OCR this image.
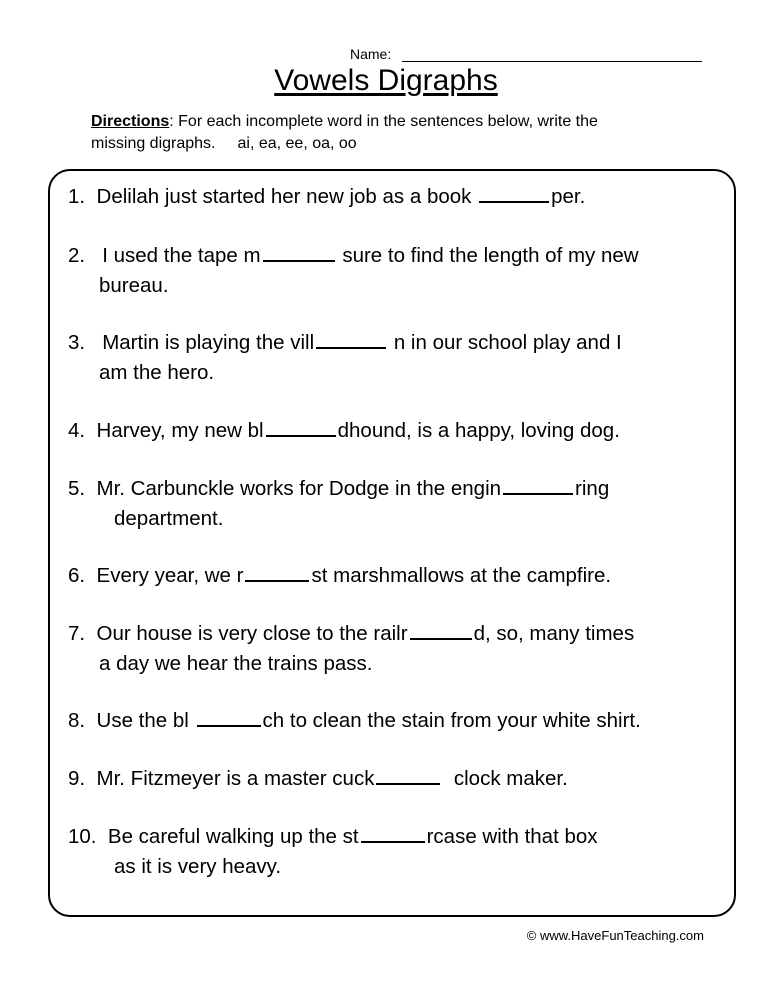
Name:
Vowels Digraphs
Directions: For each incomplete word in the sentences below, write the
missing digraphs. ai, ea, ee, oa, oo
1. Delilah just started her new job as a book	per.
2. I used the tape m	sure to find the length of my new
bureau.
3. Martin is playing the vill	n in our school play and I
am the hero.
4. Harvey, my new bl	dhound, is a happy, loving dog.
5. Mr. Carbunckle works for Dodge in the engin	ring
department.
6. Every year, we r	st marshmallows at the campfire.
7. Our house is very close to the railr	d, so, many times
a day we hear the trains pass.
8. Use the bl	ch to clean the stain from your white shirt.
9. Mr. Fitzmeyer is a master cuck	clock maker.
10. Be careful walking up the st	rcase with that box
as it is very heavy.
© www.HaveFunTeaching.com
